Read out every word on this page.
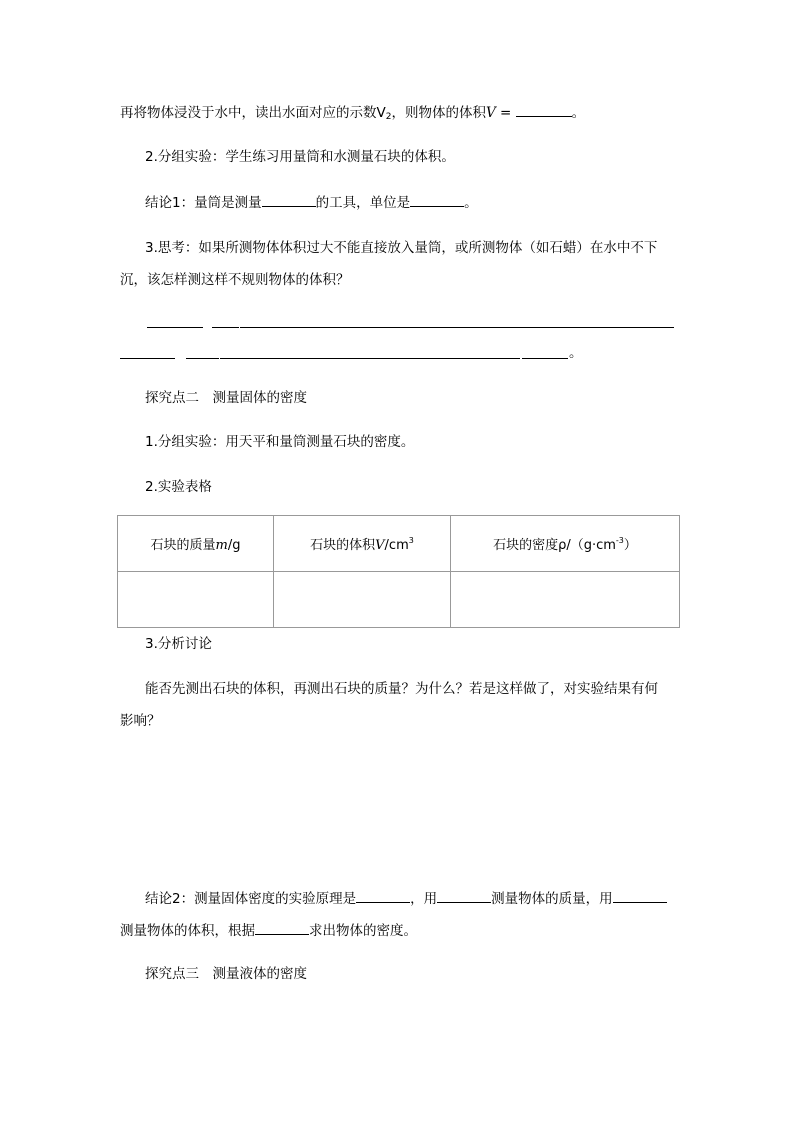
再将物体浸没于水中，读出水面对应的示数$V_2$，则物体的体积V =	。
2.分组实验：学生练习用量筒和水测量石块的体积。
结论1：量筒是测量	的工具，单位是	。
3.思考：如果所测物体体积过大不能直接放入量筒，或所测物体（如石蜡）在水中不下
沉，该怎样测这样不规则物体的体积？
。
探究点二　测量固体的密度
1.分组实验：用天平和量筒测量石块的密度。
2.实验表格
石块的质量m/g	石块的体积$V/cm^3$	石块的密度$\rho/(g\cdot cm^{-3})$

3.分析讨论
能否先测出石块的体积，再测出石块的质量？为什么？若是这样做了，对实验结果有何
影响？
结论2：测量固体密度的实验原理是	，用	测量物体的质量，用
测量物体的体积，根据	求出物体的密度。
探究点三　测量液体的密度
